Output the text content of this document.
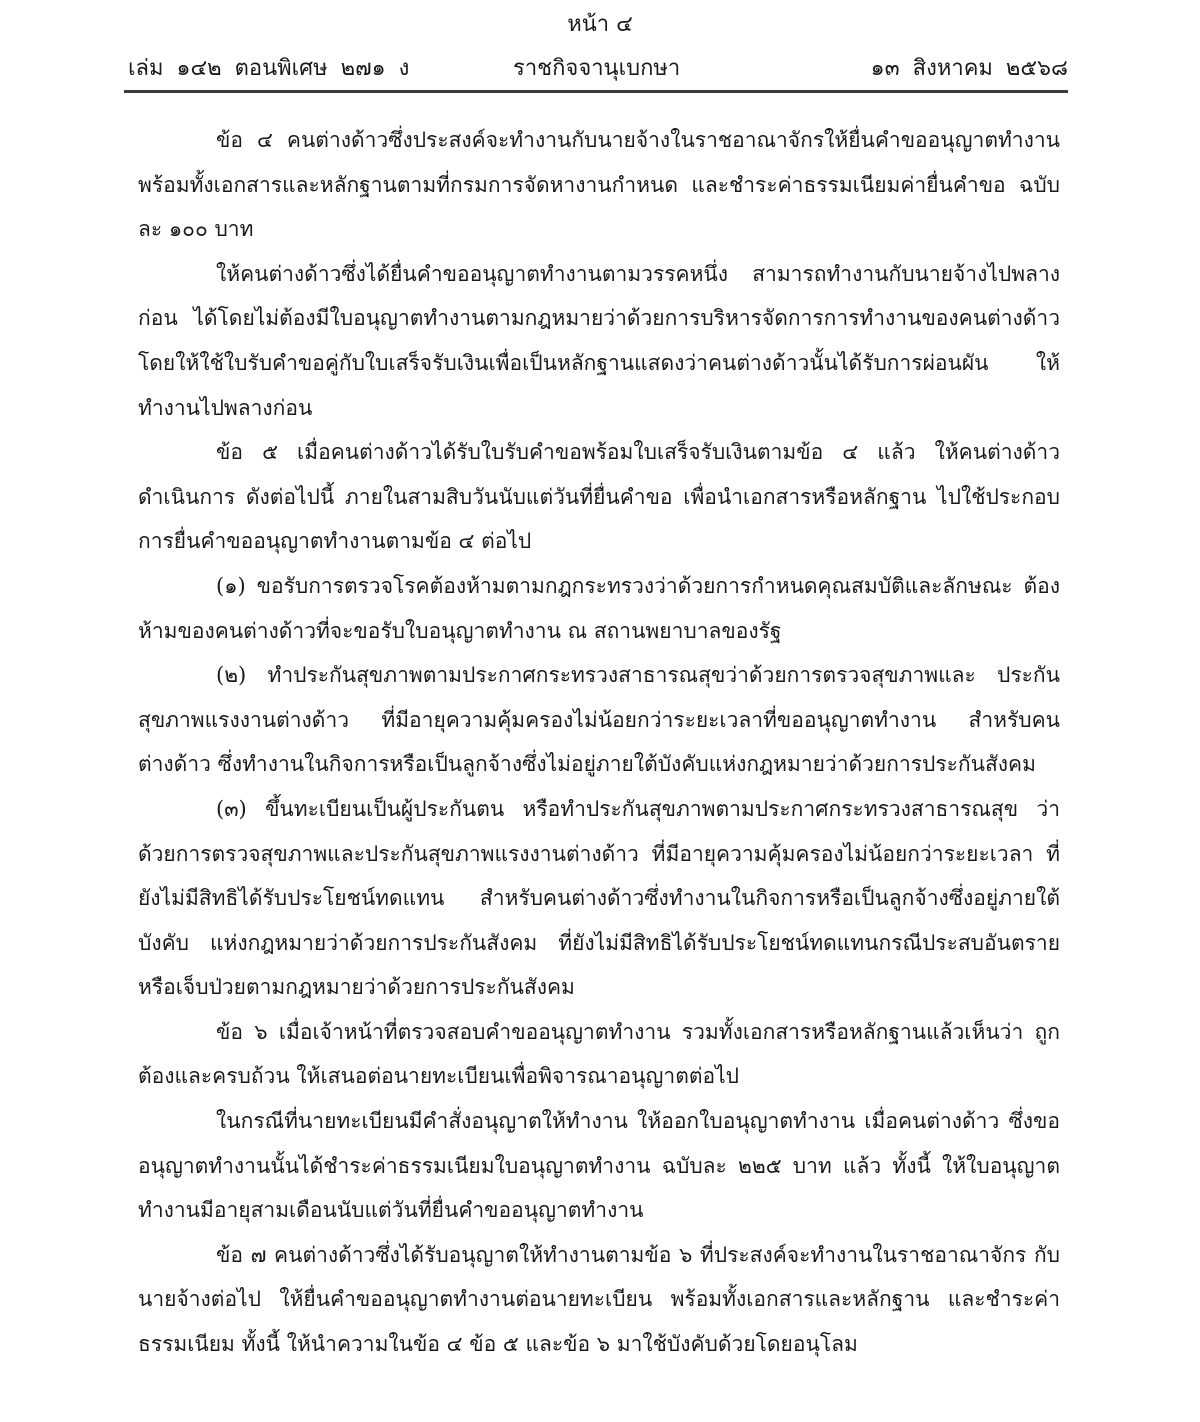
หน้า ๔
เล่ม ๑๔๒ ตอนพิเศษ ๒๗๑ ง	ราชกิจจานุเบกษา	๑๓ สิงหาคม ๒๕๖๘

ข้อ ๔ คนต่างด้าวซึ่งประสงค์จะทำงานกับนายจ้างในราชอาณาจักรให้ยื่นคำขออนุญาตทำงาน พร้อมทั้งเอกสารและหลักฐานตามที่กรมการจัดหางานกำหนด และชำระค่าธรรมเนียมค่ายื่นคำขอ ฉบับละ ๑๐๐ บาท

ให้คนต่างด้าวซึ่งได้ยื่นคำขออนุญาตทำงานตามวรรคหนึ่ง สามารถทำงานกับนายจ้างไปพลางก่อน ได้โดยไม่ต้องมีใบอนุญาตทำงานตามกฎหมายว่าด้วยการบริหารจัดการการทำงานของคนต่างด้าว โดยให้ใช้ใบรับคำขอคู่กับใบเสร็จรับเงินเพื่อเป็นหลักฐานแสดงว่าคนต่างด้าวนั้นได้รับการผ่อนผัน ให้ทำงานไปพลางก่อน

ข้อ ๕ เมื่อคนต่างด้าวได้รับใบรับคำขอพร้อมใบเสร็จรับเงินตามข้อ ๔ แล้ว ให้คนต่างด้าว ดำเนินการ ดังต่อไปนี้ ภายในสามสิบวันนับแต่วันที่ยื่นคำขอ เพื่อนำเอกสารหรือหลักฐาน ไปใช้ประกอบการยื่นคำขออนุญาตทำงานตามข้อ ๔ ต่อไป

(๑) ขอรับการตรวจโรคต้องห้ามตามกฎกระทรวงว่าด้วยการกำหนดคุณสมบัติและลักษณะ ต้องห้ามของคนต่างด้าวที่จะขอรับใบอนุญาตทำงาน ณ สถานพยาบาลของรัฐ

(๒) ทำประกันสุขภาพตามประกาศกระทรวงสาธารณสุขว่าด้วยการตรวจสุขภาพและ ประกันสุขภาพแรงงานต่างด้าว ที่มีอายุความคุ้มครองไม่น้อยกว่าระยะเวลาที่ขออนุญาตทำงาน สำหรับคนต่างด้าว ซึ่งทำงานในกิจการหรือเป็นลูกจ้างซึ่งไม่อยู่ภายใต้บังคับแห่งกฎหมายว่าด้วยการประกันสังคม

(๓) ขึ้นทะเบียนเป็นผู้ประกันตน หรือทำประกันสุขภาพตามประกาศกระทรวงสาธารณสุข ว่าด้วยการตรวจสุขภาพและประกันสุขภาพแรงงานต่างด้าว ที่มีอายุความคุ้มครองไม่น้อยกว่าระยะเวลา ที่ยังไม่มีสิทธิได้รับประโยชน์ทดแทน สำหรับคนต่างด้าวซึ่งทำงานในกิจการหรือเป็นลูกจ้างซึ่งอยู่ภายใต้บังคับ แห่งกฎหมายว่าด้วยการประกันสังคม ที่ยังไม่มีสิทธิได้รับประโยชน์ทดแทนกรณีประสบอันตราย หรือเจ็บป่วยตามกฎหมายว่าด้วยการประกันสังคม

ข้อ ๖ เมื่อเจ้าหน้าที่ตรวจสอบคำขออนุญาตทำงาน รวมทั้งเอกสารหรือหลักฐานแล้วเห็นว่า ถูกต้องและครบถ้วน ให้เสนอต่อนายทะเบียนเพื่อพิจารณาอนุญาตต่อไป

ในกรณีที่นายทะเบียนมีคำสั่งอนุญาตให้ทำงาน ให้ออกใบอนุญาตทำงาน เมื่อคนต่างด้าว ซึ่งขออนุญาตทำงานนั้นได้ชำระค่าธรรมเนียมใบอนุญาตทำงาน ฉบับละ ๒๒๕ บาท แล้ว ทั้งนี้ ให้ใบอนุญาตทำงานมีอายุสามเดือนนับแต่วันที่ยื่นคำขออนุญาตทำงาน

ข้อ ๗ คนต่างด้าวซึ่งได้รับอนุญาตให้ทำงานตามข้อ ๖ ที่ประสงค์จะทำงานในราชอาณาจักร กับนายจ้างต่อไป ให้ยื่นคำขออนุญาตทำงานต่อนายทะเบียน พร้อมทั้งเอกสารและหลักฐาน และชำระค่าธรรมเนียม ทั้งนี้ ให้นำความในข้อ ๔ ข้อ ๕ และข้อ ๖ มาใช้บังคับด้วยโดยอนุโลม
